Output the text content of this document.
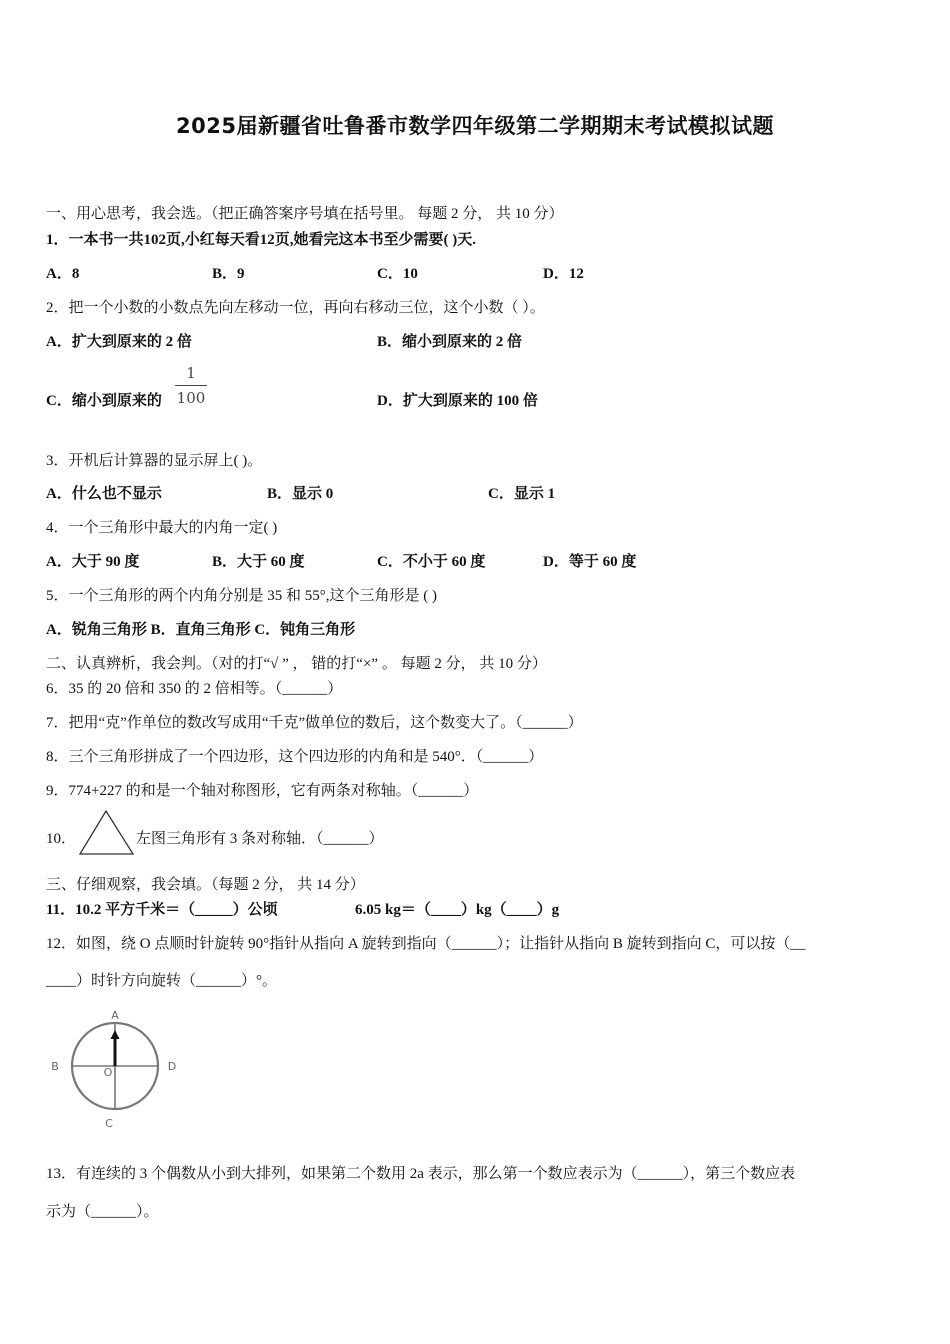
2025届新疆省吐鲁番市数学四年级第二学期期末考试模拟试题
一、用心思考，我会选。（把正确答案序号填在括号里。 每题 2 分， 共 10 分）
1．一本书一共102页,小红每天看12页,她看完这本书至少需要( )天.
A．8	B．9	C．10	D．12
2．把一个小数的小数点先向左移动一位，再向右移动三位，这个小数（ ）。
A．扩大到原来的 2 倍	B．缩小到原来的 2 倍
C．缩小到原来的
1
100	D．扩大到原来的 100 倍
3．开机后计算器的显示屏上( )。
A．什么也不显示	B．显示 0	C．显示 1
4．一个三角形中最大的内角一定( )
A．大于 90 度	B．大于 60 度	C．不小于 60 度	D．等于 60 度
5．一个三角形的两个内角分别是 35 和 55°,这个三角形是 ( )
A．锐角三角形 B．直角三角形 C．钝角三角形
二、认真辨析，我会判。（对的打“√ ” ， 错的打“×” 。 每题 2 分， 共 10 分）
6．35 的 20 倍和 350 的 2 倍相等。（______）
7．把用“克”作单位的数改写成用“千克”做单位的数后，这个数变大了。（______）
8．三个三角形拼成了一个四边形，这个四边形的内角和是 540°．（______）
9．774+227 的和是一个轴对称图形，它有两条对称轴。（______）
10．	左图三角形有 3 条对称轴．（______）
三、仔细观察，我会填。（每题 2 分， 共 14 分）
11．10.2 平方千米＝（_____）公顷	6.05 kg＝（____）kg（____）g
12．如图，绕 O 点顺时针旋转 90°指针从指向 A 旋转到指向（______）；让指针从指向 B 旋转到指向 C，可以按（__
____）时针方向旋转（______）°。
A
B
C
D
O
13．有连续的 3 个偶数从小到大排列，如果第二个数用 2a 表示，那么第一个数应表示为（______），第三个数应表
示为（______）。
